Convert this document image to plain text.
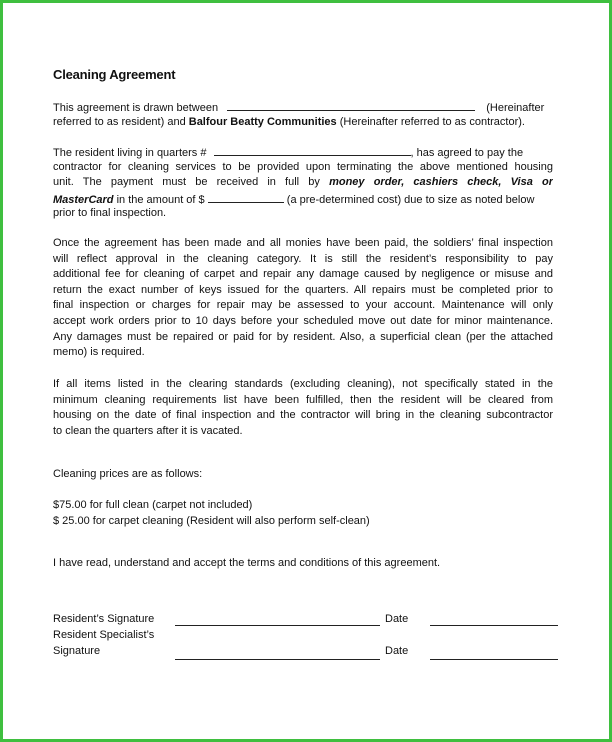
Cleaning Agreement
This agreement is drawn between	(Hereinafter
referred to as resident) and Balfour Beatty Communities (Hereinafter referred to as contractor).
The resident living in quarters #	, has agreed to pay the
contractor for cleaning services to be provided upon terminating the above mentioned housing
unit. The payment must be received in full by money order, cashiers check, Visa or
MasterCard in the amount of $	(a pre-determined cost) due to size as noted below
prior to final inspection.
Once the agreement has been made and all monies have been paid, the soldiers’ final inspection
will reflect approval in the cleaning category. It is still the resident’s responsibility to pay
additional fee for cleaning of carpet and repair any damage caused by negligence or misuse and
return the exact number of keys issued for the quarters. All repairs must be completed prior to
final inspection or charges for repair may be assessed to your account. Maintenance will only
accept work orders prior to 10 days before your scheduled move out date for minor maintenance.
Any damages must be repaired or paid for by resident. Also, a superficial clean (per the attached
memo) is required.
If all items listed in the clearing standards (excluding cleaning), not specifically stated in the
minimum cleaning requirements list have been fulfilled, then the resident will be cleared from
housing on the date of final inspection and the contractor will bring in the cleaning subcontractor
to clean the quarters after it is vacated.
Cleaning prices are as follows:
$75.00 for full clean (carpet not included)
$ 25.00 for carpet cleaning (Resident will also perform self-clean)
I have read, understand and accept the terms and conditions of this agreement.
Resident’s Signature	Date
Resident Specialist’s
Signature	Date
